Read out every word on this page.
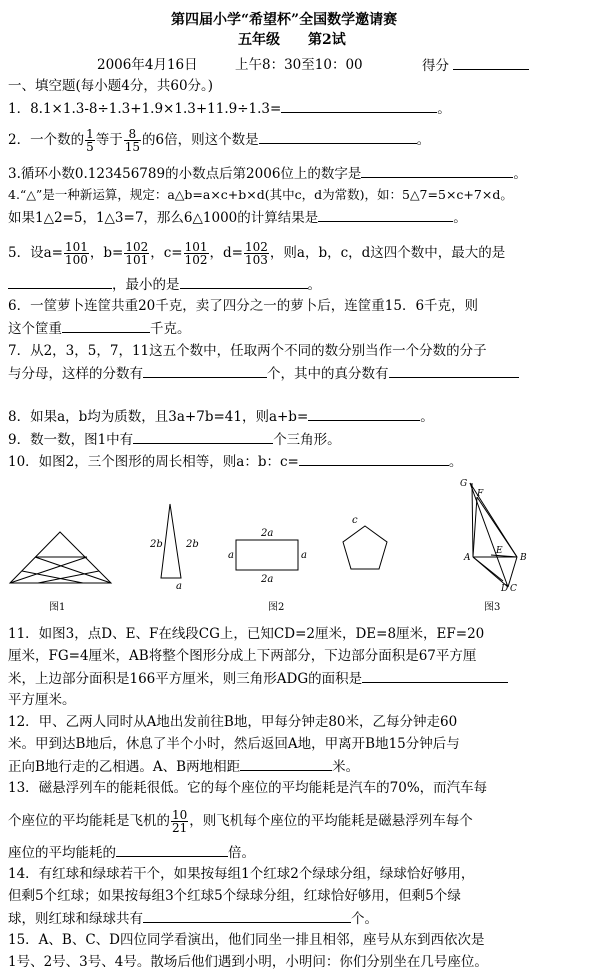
第四届小学“希望杯”全国数学邀请赛
五年级　　第2试
2006年4月16日	上午8：30至10：00	得分
一、填空题(每小题4分，共60分。)
1．8.1×1.3-8÷1.3+1.9×1.3+11.9÷1.3=	。
2．一个数的 $\frac{1}{5}$ 等于 $\frac{8}{15}$ 的6倍，则这个数是	。
3.循环小数0.123456789的小数点后第2006位上的数字是	。
4.“△”是一种新运算，规定：a△b=a×c+b×d(其中c，d为常数)，如：5△7=5×c+7×d。
如果1△2=5，1△3=7，那么6△1000的计算结果是	。
5．设$a= \frac{101}{100}$ ，$b= \frac{102}{101}$ ，$c= \frac{101}{102}$ ，$d= \frac{102}{103}$ ，则a，b，c，d这四个数中，最大的是
，最小的是	。
6．一筐萝卜连筐共重20千克，卖了四分之一的萝卜后，连筐重15．6千克，则
这个筐重	千克。
7．从2，3，5，7，11这五个数中，任取两个不同的数分别当作一个分数的分子
与分母，这样的分数有	个，其中的真分数有
8．如果a，b均为质数，且3a+7b=41，则a+b=	。
9．数一数，图1中有	个三角形。
10．如图2，三个图形的周长相等，则a：b：c=	。
图1
2b 2b
a
2a
a	a
2a
c
图2
G
F
A
E
B
D C
图3
11．如图3，点D、E、F在线段CG上，已知CD=2厘米，DE=8厘米，EF=20
厘米，FG=4厘米，AB将整个图形分成上下两部分，下边部分面积是67平方厘
米，上边部分面积是166平方厘米，则三角形ADG的面积是
平方厘米。
12．甲、乙两人同时从A地出发前往B地，甲每分钟走80米，乙每分钟走60
米。甲到达B地后，休息了半个小时，然后返回A地，甲离开B地15分钟后与
正向B地行走的乙相遇。A、B两地相距	米。
13．磁悬浮列车的能耗很低。它的每个座位的平均能耗是汽车的70%，而汽车每
个座位的平均能耗是飞机的 $\frac{10}{21}$ ，则飞机每个座位的平均能耗是磁悬浮列车每个
座位的平均能耗的	倍。
14．有红球和绿球若干个，如果按每组1个红球2个绿球分组，绿球恰好够用，
但剩5个红球；如果按每组3个红球5个绿球分组，红球恰好够用，但剩5个绿
球，则红球和绿球共有	个。
15．A、B、C、D四位同学看演出，他们同坐一排且相邻，座号从东到西依次是
1号、2号、3号、4号。散场后他们遇到小明，小明问：你们分别坐在几号座位。
